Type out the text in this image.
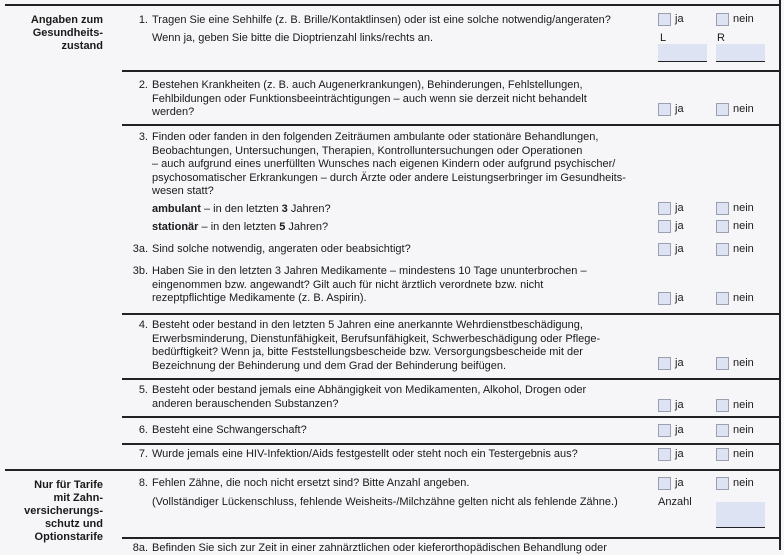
Angaben zum
Gesundheits-
zustand
Nur für Tarife
mit Zahn-
versicherungs-
schutz und
Optionstarife
1. Tragen Sie eine Sehhilfe (z. B. Brille/Kontaktlinsen) oder ist eine solche notwendig/angeraten?
Wenn ja, geben Sie bitte die Dioptrienzahl links/rechts an.
ja	nein
L	R
2. Bestehen Krankheiten (z. B. auch Augenerkrankungen), Behinderungen, Fehlstellungen,
Fehlbildungen oder Funktionsbeeinträchtigungen – auch wenn sie derzeit nicht behandelt
werden?	ja	nein
3. Finden oder fanden in den folgenden Zeiträumen ambulante oder stationäre Behandlungen,
Beobachtungen, Untersuchungen, Therapien, Kontrolluntersuchungen oder Operationen
– auch aufgrund eines unerfüllten Wunsches nach eigenen Kindern oder aufgrund psychischer/
psychosomatischer Erkrankungen – durch Ärzte oder andere Leistungserbringer im Gesundheits-
wesen statt?
ambulant – in den letzten 3 Jahren?	ja	nein
stationär – in den letzten 5 Jahren?	ja	nein
3a. Sind solche notwendig, angeraten oder beabsichtigt?	ja	nein
3b. Haben Sie in den letzten 3 Jahren Medikamente – mindestens 10 Tage ununterbrochen –
eingenommen bzw. angewandt? Gilt auch für nicht ärztlich verordnete bzw. nicht
rezeptpflichtige Medikamente (z. B. Aspirin).	ja	nein
4. Besteht oder bestand in den letzten 5 Jahren eine anerkannte Wehrdienstbeschädigung,
Erwerbsminderung, Dienstunfähigkeit, Berufsunfähigkeit, Schwerbeschädigung oder Pflege-
bedürftigkeit? Wenn ja, bitte Feststellungsbescheide bzw. Versorgungsbescheide mit der
Bezeichnung der Behinderung und dem Grad der Behinderung beifügen.	ja	nein
5. Besteht oder bestand jemals eine Abhängigkeit von Medikamenten, Alkohol, Drogen oder
anderen berauschenden Substanzen?	ja	nein
6. Besteht eine Schwangerschaft?	ja	nein
7. Wurde jemals eine HIV-Infektion/Aids festgestellt oder steht noch ein Testergebnis aus?	ja	nein
8. Fehlen Zähne, die noch nicht ersetzt sind? Bitte Anzahl angeben.
(Vollständiger Lückenschluss, fehlende Weisheits-/Milchzähne gelten nicht als fehlende Zähne.)
ja	nein
Anzahl
8a. Befinden Sie sich zur Zeit in einer zahnärztlichen oder kieferorthopädischen Behandlung oder
